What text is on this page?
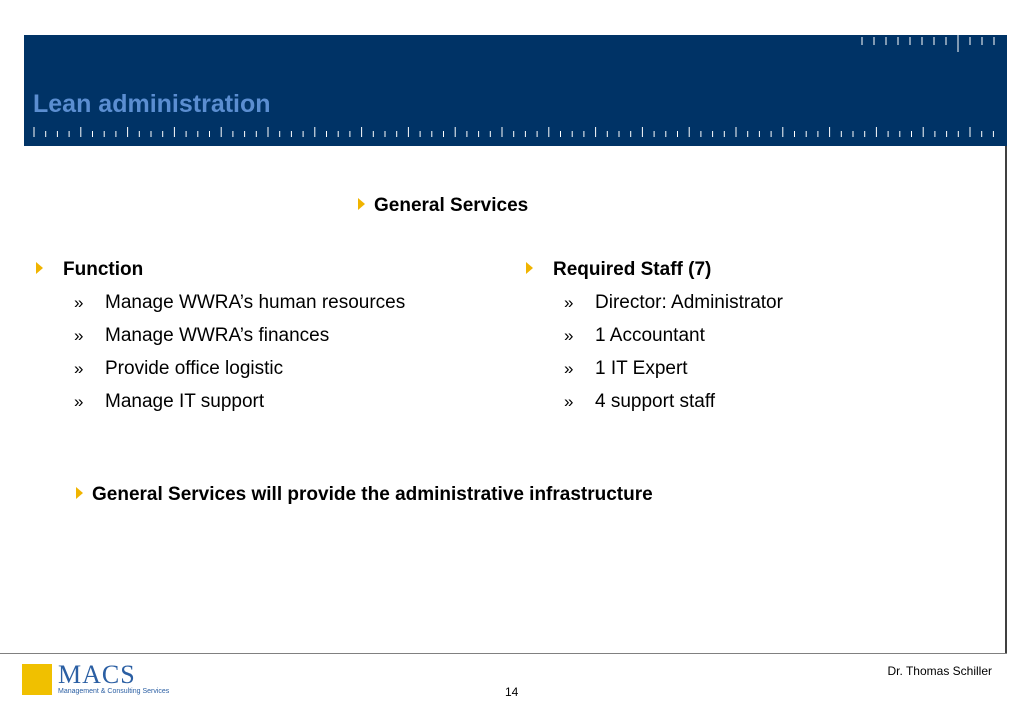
Lean administration
General Services
Function
» Manage WWRA’s human resources
» Manage WWRA’s finances
» Provide office logistic
» Manage IT support
Required Staff (7)
» Director: Administrator
» 1 Accountant
» 1 IT Expert
» 4 support staff
General Services will provide the administrative infrastructure
MACS
Management & Consulting Services
Dr. Thomas Schiller
14
